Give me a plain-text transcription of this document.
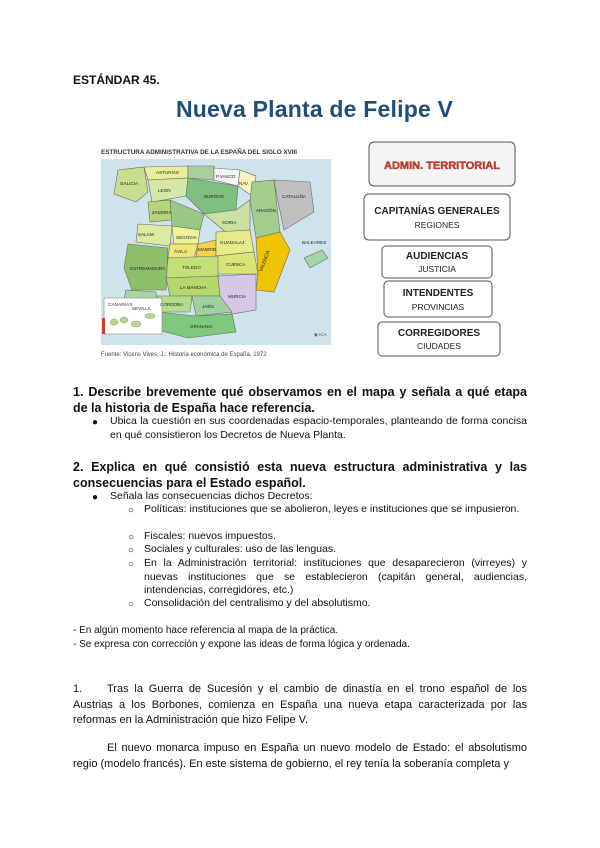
ESTÁNDAR 45.
Nueva Planta de Felipe V
ESTRUCTURA ADMINISTRATIVA DE LA ESPAÑA DEL SIGLO XVIII
CANARIAS
GALICIA
ASTURIAS
P.VASCO
NAV.
LEÓN
BURGOS
ARAGÓN
CATALUÑA
ZAMORA
SORIA
SALAM.
SEGOVIA
ÁVILA MADRID
GUADALAJ.
CUENCA
TOLEDO
EXTREMADURA
LA MANCHA
MURCIA
CÓRDOBA	JAÉN
SEVILLA
GRANADA
BALEARES
VALENCIA
◉ ICA
Fuente: Vicens Vives, J.: Historia económica de España, 1972
ADMIN. TERRITORIAL
CAPITANÍAS GENERALES
REGIONES
AUDIENCIAS
JUSTICIA
INTENDENTES
PROVINCIAS
CORREGIDORES
CIUDADES
1. Describe brevemente qué observamos en el mapa y señala a qué etapa de la historia de España hace referencia.
● Ubica la cuestión en sus coordenadas espacio-temporales, planteando de forma concisa en qué consistieron los Decretos de Nueva Planta.
2. Explica en qué consistió esta nueva estructura administrativa y las consecuencias para el Estado español.
● Señala las consecuencias dichos Decretos:
○ Políticas: instituciones que se abolieron, leyes e instituciones que se impusieron.
○ Fiscales: nuevos impuestos.
○ Sociales y culturales: uso de las lenguas.
○ En la Administración territorial: instituciones que desaparecieron (virreyes) y nuevas instituciones que se establecieron (capitán general, audiencias, intendencias, corregidores, etc.)
○ Consolidación del centralismo y del absolutismo.
- En algún momento hace referencia al mapa de la práctica.
- Se expresa con corrección y expone las ideas de forma lógica y ordenada.
1.	Tras la Guerra de Sucesión y el cambio de dinastía en el trono español de los Austrias a los Borbones, comienza en España una nueva etapa caracterizada por las reformas en la Administración que hizo Felipe V.
El nuevo monarca impuso en España un nuevo modelo de Estado: el absolutismo regio (modelo francés). En este sistema de gobierno, el rey tenía la soberanía completa y
